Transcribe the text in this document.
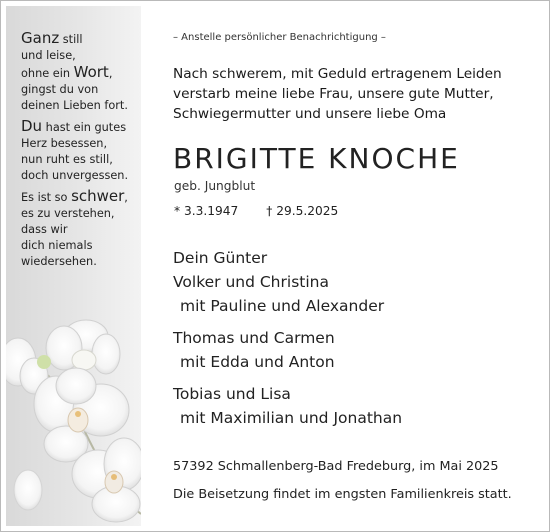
Ganz still
und leise,
ohne ein Wort,
gingst du von
deinen Lieben fort.
Du hast ein gutes
Herz besessen,
nun ruht es still,
doch unvergessen.
Es ist so schwer,
es zu verstehen,
dass wir
dich niemals
wiedersehen.
– Anstelle persönlicher Benachrichtigung –
Nach schwerem, mit Geduld ertragenem Leiden
verstarb meine liebe Frau, unsere gute Mutter,
Schwiegermutter und unsere liebe Oma
BRIGITTE KNOCHE
geb. Jungblut
* 3.3.1947 † 29.5.2025
Dein Günter
Volker und Christina
mit Pauline und Alexander
Thomas und Carmen
mit Edda und Anton
Tobias und Lisa
mit Maximilian und Jonathan
57392 Schmallenberg-Bad Fredeburg, im Mai 2025
Die Beisetzung findet im engsten Familienkreis statt.
